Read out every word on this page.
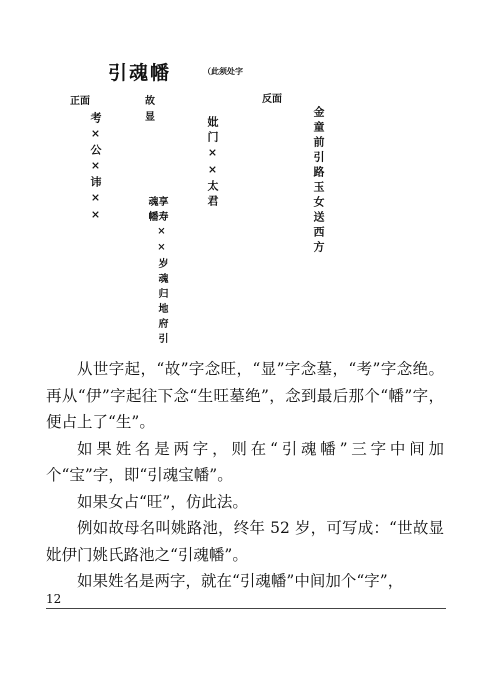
引魂幡	（此须处字
正面	故
显
反面
考×公×讳××
享寿××岁魂归地府引魂幡
妣门××太君	金童前引路玉女送西方

从世字起，“故”字念旺，“显”字念墓，“考”字念绝。再从“伊”字起往下念“生旺墓绝”，念到最后那个“幡”字，便占上了“生”。

如果姓名是两字，则在“引魂幡”三字中间加个“宝”字，即“引魂宝幡”。

如果女占“旺”，仿此法。

例如故母名叫姚路池，终年 52 岁，可写成：“世故显妣伊门姚氏路池之“引魂幡”。

如果姓名是两字，就在“引魂幡”中间加个“字”，

12
